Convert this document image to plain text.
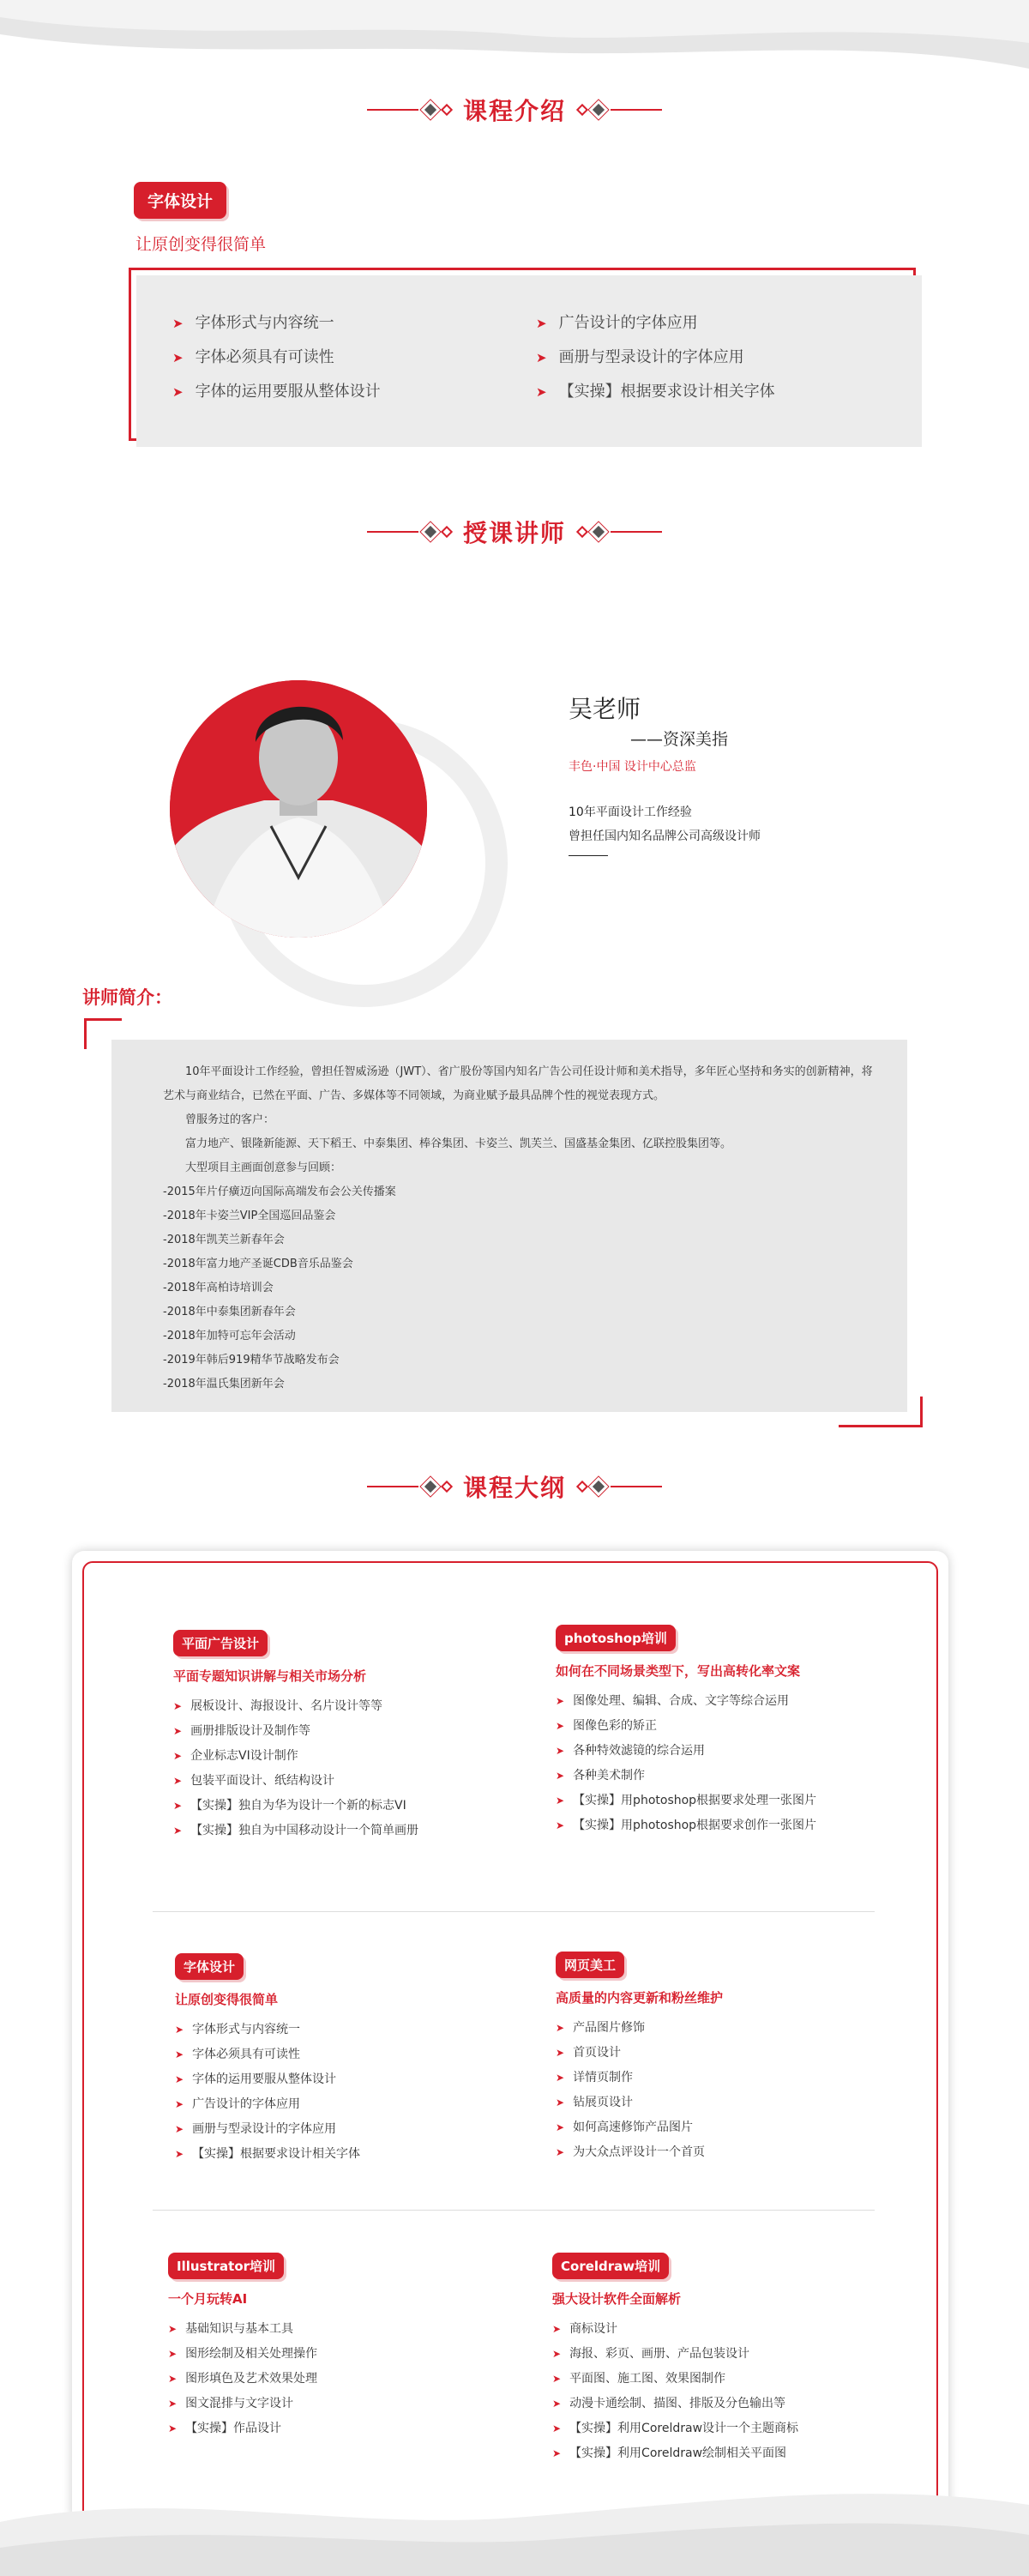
课程介绍
字体设计
让原创变得很简单
➤ 字体形式与内容统一
➤ 字体必须具有可读性
➤ 字体的运用要服从整体设计
➤ 广告设计的字体应用
➤ 画册与型录设计的字体应用
➤ 【实操】根据要求设计相关字体
授课讲师
吴老师
——资深美指
丰色·中国 设计中心总监
10年平面设计工作经验
曾担任国内知名品牌公司高级设计师
讲师简介：

10年平面设计工作经验，曾担任智威汤逊（JWT）、省广股份等国内知名广告公司任设计师和美术指导，多年匠心坚持和务实的创新精神，将艺术与商业结合，已然在平面、广告、多媒体等不同领域，为商业赋予最具品牌个性的视觉表现方式。

曾服务过的客户：

富力地产、银隆新能源、天下稻王、中泰集团、棒谷集团、卡姿兰、凯芙兰、国盛基金集团、亿联控股集团等。

大型项目主画面创意参与回顾：

-2015年片仔癀迈向国际高端发布会公关传播案
-2018年卡姿兰VIP全国巡回品鉴会
-2018年凯芙兰新春年会
-2018年富力地产圣诞CDB音乐品鉴会
-2018年高柏诗培训会
-2018年中泰集团新春年会
-2018年加特可忘年会活动
-2019年韩后919精华节战略发布会
-2018年温氏集团新年会
课程大纲
平面广告设计
平面专题知识讲解与相关市场分析
➤ 展板设计、海报设计、名片设计等等
➤ 画册排版设计及制作等
➤ 企业标志VI设计制作
➤ 包装平面设计、纸结构设计
➤ 【实操】独自为华为设计一个新的标志VI
➤ 【实操】独自为中国移动设计一个简单画册
photoshop培训
如何在不同场景类型下，写出高转化率文案
➤ 图像处理、编辑、合成、文字等综合运用
➤ 图像色彩的矫正
➤ 各种特效滤镜的综合运用
➤ 各种美术制作
➤ 【实操】用photoshop根据要求处理一张图片
➤ 【实操】用photoshop根据要求创作一张图片
字体设计
让原创变得很简单
➤ 字体形式与内容统一
➤ 字体必须具有可读性
➤ 字体的运用要服从整体设计
➤ 广告设计的字体应用
➤ 画册与型录设计的字体应用
➤ 【实操】根据要求设计相关字体
网页美工
高质量的内容更新和粉丝维护
➤ 产品图片修饰
➤ 首页设计
➤ 详情页制作
➤ 钻展页设计
➤ 如何高速修饰产品图片
➤ 为大众点评设计一个首页
Illustrator培训
一个月玩转AI
➤ 基础知识与基本工具
➤ 图形绘制及相关处理操作
➤ 图形填色及艺术效果处理
➤ 图文混排与文字设计
➤ 【实操】作品设计
Coreldraw培训
强大设计软件全面解析
➤ 商标设计
➤ 海报、彩页、画册、产品包装设计
➤ 平面图、施工图、效果图制作
➤ 动漫卡通绘制、描图、排版及分色输出等
➤ 【实操】利用Coreldraw设计一个主题商标
➤ 【实操】利用Coreldraw绘制相关平面图
